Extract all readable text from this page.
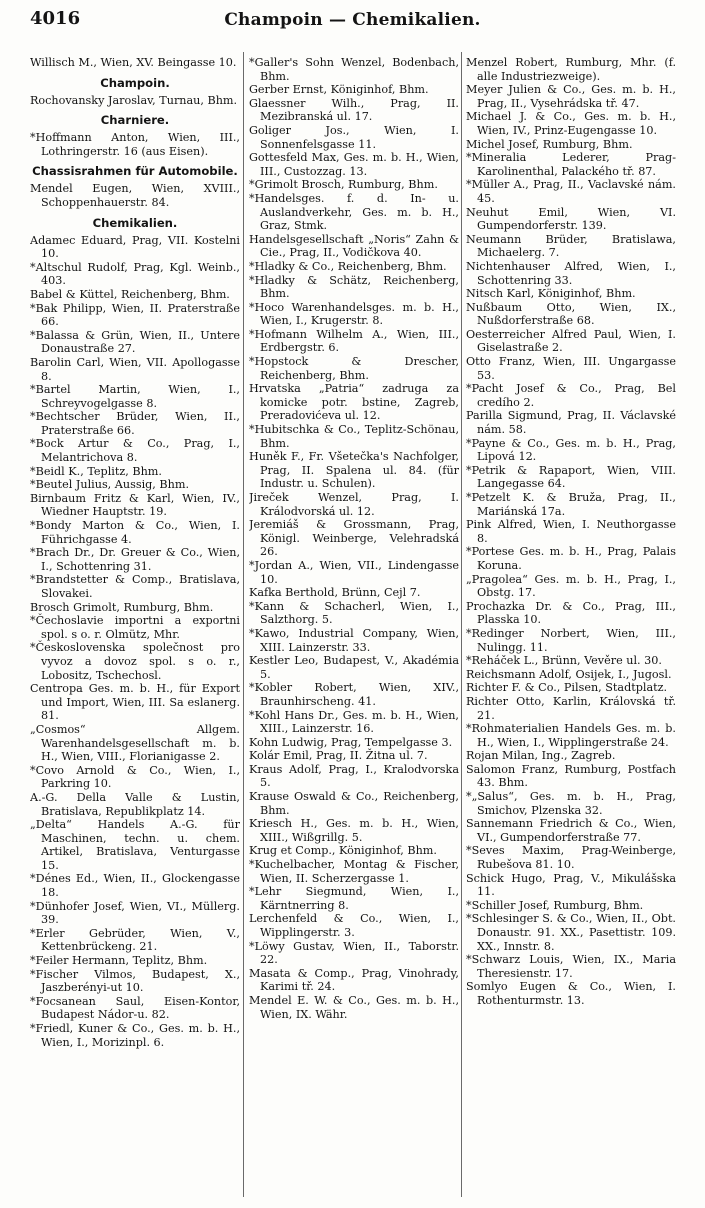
4016	Champoin — Chemikalien.

Willisch M., Wien, XV. Beingasse 10.

Champoin.

Rochovansky Jaroslav, Turnau, Bhm.

Charniere.

*Hoffmann Anton, Wien, III., Lothringerstr. 16 (aus Eisen).

Chassisrahmen für Automobile.

Mendel Eugen, Wien, XVIII., Schoppenhauerstr. 84.

Chemikalien.

Adamec Eduard, Prag, VII. Kostelni 10.

*Altschul Rudolf, Prag, Kgl. Weinb., 403.

Babel & Küttel, Reichenberg, Bhm.

*Bak Philipp, Wien, II. Praterstraße 66.

*Balassa & Grün, Wien, II., Untere Donaustraße 27.

Barolin Carl, Wien, VII. Apollogasse 8.

*Bartel Martin, Wien, I., Schreyvogelgasse 8.

*Bechtscher Brüder, Wien, II., Praterstraße 66.

*Bock Artur & Co., Prag, I., Melantrichova 8.

*Beidl K., Teplitz, Bhm.

*Beutel Julius, Aussig, Bhm.

Birnbaum Fritz & Karl, Wien, IV., Wiedner Hauptstr. 19.

*Bondy Marton & Co., Wien, I. Führichgasse 4.

*Brach Dr., Dr. Greuer & Co., Wien, I., Schottenring 31.

*Brandstetter & Comp., Bratislava, Slovakei.

Brosch Grimolt, Rumburg, Bhm.

*Čechoslavie importni a exportni spol. s o. r. Olmütz, Mhr.

*Československa společnost pro vyvoz a dovoz spol. s o. r., Lobositz, Tschechosl.

Centropa Ges. m. b. H., für Export und Import, Wien, III. Sa eslanerg. 81.

„Cosmos“ Allgem. Warenhandelsgesellschaft m. b. H., Wien, VIII., Florianigasse 2.

*Covo Arnold & Co., Wien, I., Parkring 10.

A.-G. Della Valle & Lustin, Bratislava, Republikplatz 14.

„Delta“ Handels A.-G. für Maschinen, techn. u. chem. Artikel, Bratislava, Venturgasse 15.

*Dénes Ed., Wien, II., Glockengasse 18.

*Dünhofer Josef, Wien, VI., Müllerg. 39.

*Erler Gebrüder, Wien, V., Kettenbrückeng. 21.

*Feiler Hermann, Teplitz, Bhm.

*Fischer Vilmos, Budapest, X., Jaszberényi-ut 10.

*Focsanean Saul, Eisen-Kontor, Budapest Nádor-u. 82.

*Friedl, Kuner & Co., Ges. m. b. H., Wien, I., Morizinpl. 6.

*Galler's Sohn Wenzel, Bodenbach, Bhm.

Gerber Ernst, Königinhof, Bhm.

Glaessner Wilh., Prag, II. Mezibranská ul. 17.

Goliger Jos., Wien, I. Sonnenfelsgasse 11.

Gottesfeld Max, Ges. m. b. H., Wien, III., Custozzag. 13.

*Grimolt Brosch, Rumburg, Bhm.

*Handelsges. f. d. In- u. Auslandverkehr, Ges. m. b. H., Graz, Stmk.

Handelsgesellschaft „Noris“ Zahn & Cie., Prag, II., Vodičkova 40.

*Hladky & Co., Reichenberg, Bhm.

*Hladky & Schätz, Reichenberg, Bhm.

*Hoco Warenhandelsges. m. b. H., Wien, I., Krugerstr. 8.

*Hofmann Wilhelm A., Wien, III., Erdbergstr. 6.

*Hopstock & Drescher, Reichenberg, Bhm.

Hrvatska „Patria“ zadruga za komicke potr. bstine, Zagreb, Preradovićeva ul. 12.

*Hubitschka & Co., Teplitz-Schönau, Bhm.

Huněk F., Fr. Všetečka's Nachfolger, Prag, II. Spalena ul. 84. (für Industr. u. Schulen).

Jireček Wenzel, Prag, I. Králodvorská ul. 12.

Jeremiáš & Grossmann, Prag, Königl. Weinberge, Velehradská 26.

*Jordan A., Wien, VII., Lindengasse 10.

Kafka Berthold, Brünn, Cejl 7.

*Kann & Schacherl, Wien, I., Salzthorg. 5.

*Kawo, Industrial Company, Wien, XIII. Lainzerstr. 33.

Kestler Leo, Budapest, V., Akadémia 5.

*Kobler Robert, Wien, XIV., Braunhirscheng. 41.

*Kohl Hans Dr., Ges. m. b. H., Wien, XIII., Lainzerstr. 16.

Kohn Ludwig, Prag, Tempelgasse 3.

Kolár Emil, Prag, II. Žitna ul. 7.

Kraus Adolf, Prag, I., Kralodvorska 5.

Krause Oswald & Co., Reichenberg, Bhm.

Kriesch H., Ges. m. b. H., Wien, XIII., Wißgrillg. 5.

Krug et Comp., Königinhof, Bhm.

*Kuchelbacher, Montag & Fischer, Wien, II. Scherzergasse 1.

*Lehr Siegmund, Wien, I., Kärntnerring 8.

Lerchenfeld & Co., Wien, I., Wipplingerstr. 3.

*Löwy Gustav, Wien, II., Taborstr. 22.

Masata & Comp., Prag, Vinohrady, Karimi tř. 24.

Mendel E. W. & Co., Ges. m. b. H., Wien, IX. Währ.

Menzel Robert, Rumburg, Mhr. (f. alle Industriezweige).

Meyer Julien & Co., Ges. m. b. H., Prag, II., Vysehrádska tř. 47.

Michael J. & Co., Ges. m. b. H., Wien, IV., Prinz-Eugengasse 10.

Michel Josef, Rumburg, Bhm.

*Mineralia Lederer, Prag-Karolinenthal, Palackého tř. 87.

*Müller A., Prag, II., Vaclavské nám. 45.

Neuhut Emil, Wien, VI. Gumpendorferstr. 139.

Neumann Brüder, Bratislawa, Michaelerg. 7.

Nichtenhauser Alfred, Wien, I., Schottenring 33.

Nitsch Karl, Königinhof, Bhm.

Nußbaum Otto, Wien, IX., Nußdorferstraße 68.

Oesterreicher Alfred Paul, Wien, I. Giselastraße 2.

Otto Franz, Wien, III. Ungargasse 53.

*Pacht Josef & Co., Prag, Bel credího 2.

Parilla Sigmund, Prag, II. Václavské nám. 58.

*Payne & Co., Ges. m. b. H., Prag, Lipová 12.

*Petrik & Rapaport, Wien, VIII. Langegasse 64.

*Petzelt K. & Bruža, Prag, II., Mariánská 17a.

Pink Alfred, Wien, I. Neuthorgasse 8.

*Portese Ges. m. b. H., Prag, Palais Koruna.

„Pragolea“ Ges. m. b. H., Prag, I., Obstg. 17.

Prochazka Dr. & Co., Prag, III., Plasska 10.

*Redinger Norbert, Wien, III., Nulingg. 11.

*Reháček L., Brünn, Vevěre ul. 30.

Reichsmann Adolf, Osijek, I., Jugosl.

Richter F. & Co., Pilsen, Stadtplatz.

Richter Otto, Karlin, Královská tř. 21.

*Rohmaterialien Handels Ges. m. b. H., Wien, I., Wipplingerstraße 24.

Rojan Milan, Ing., Zagreb.

Salomon Franz, Rumburg, Postfach 43. Bhm.

*„Salus“, Ges. m. b. H., Prag, Smichov, Plzenska 32.

Sannemann Friedrich & Co., Wien, VI., Gumpendorferstraße 77.

*Seves Maxim, Prag-Weinberge, Rubešova 81. 10.

Schick Hugo, Prag, V., Mikulášska 11.

*Schiller Josef, Rumburg, Bhm.

*Schlesinger S. & Co., Wien, II., Obt. Donaustr. 91. XX., Pasettistr. 109. XX., Innstr. 8.

*Schwarz Louis, Wien, IX., Maria Theresienstr. 17.

Somlyo Eugen & Co., Wien, I. Rothenturmstr. 13.
